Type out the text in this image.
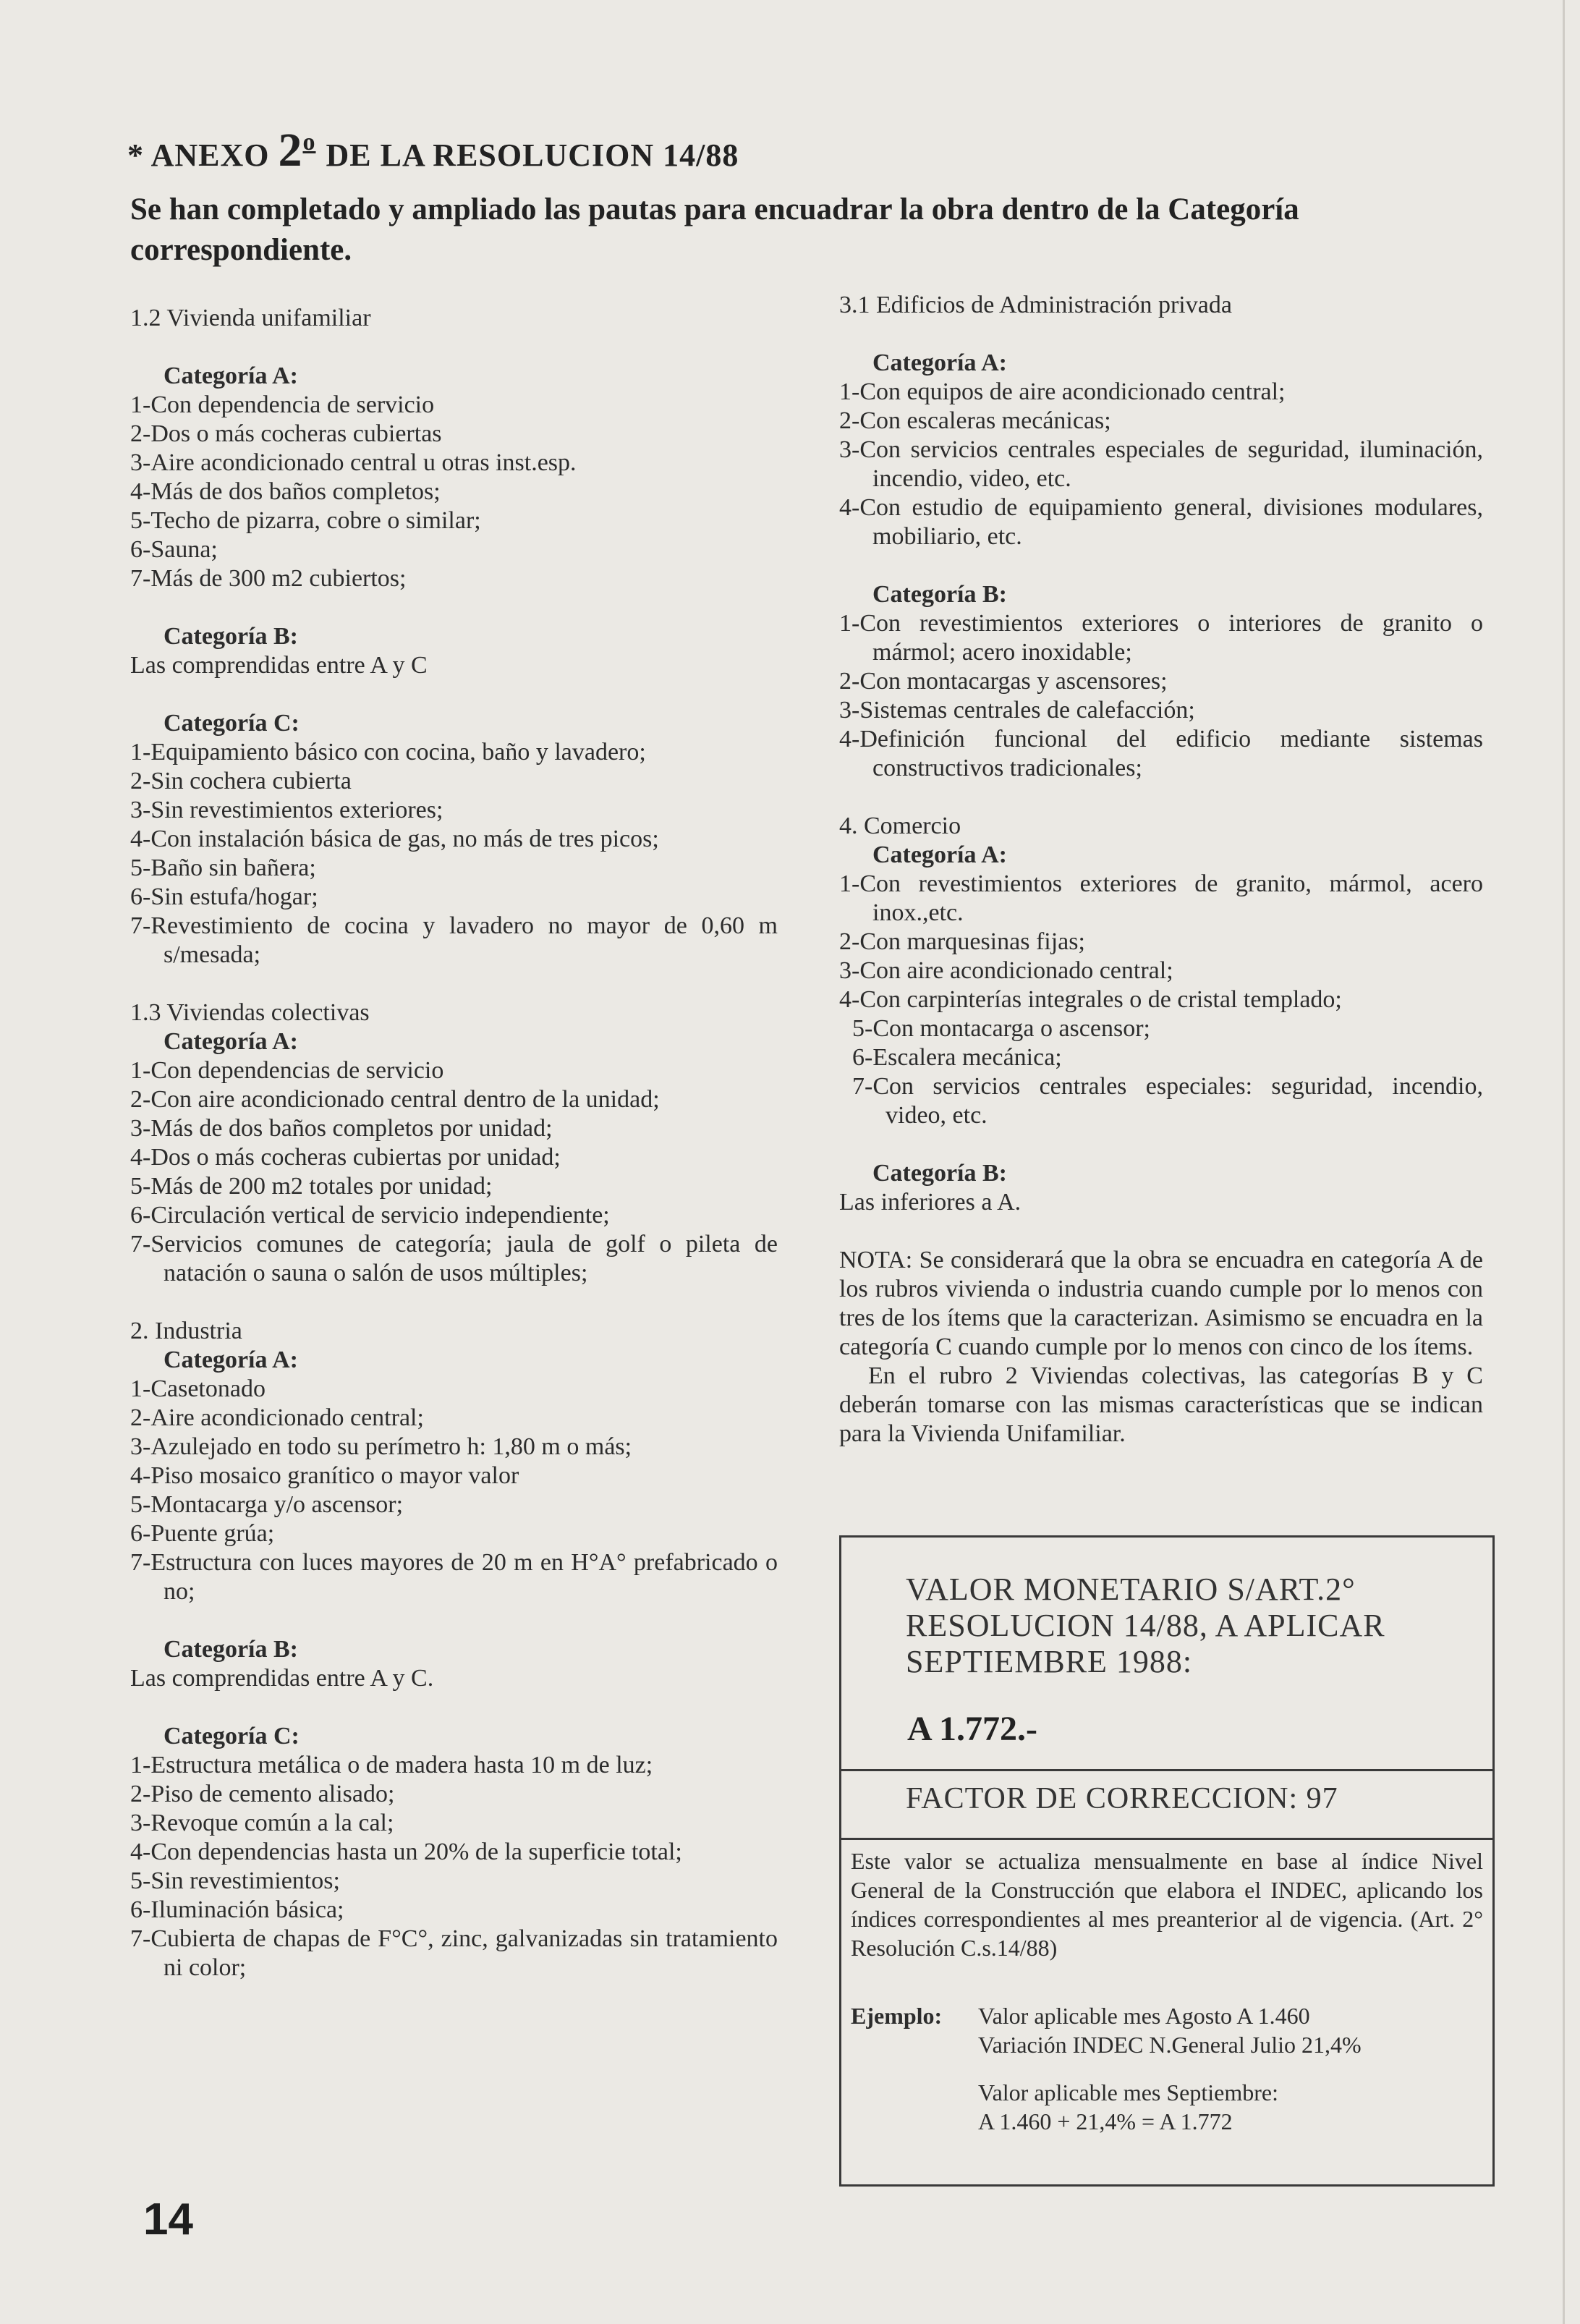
* ANEXO 2$^o$ DE LA RESOLUCION 14/88
Se han completado y ampliado las pautas para encuadrar la obra dentro de la Categoría correspondiente.

1.2 Vivienda unifamiliar

Categoría A:

1-Con dependencia de servicio

2-Dos o más cocheras cubiertas

3-Aire acondicionado central u otras inst.esp.

4-Más de dos baños completos;

5-Techo de pizarra, cobre o similar;

6-Sauna;

7-Más de 300 m2 cubiertos;

Categoría B:

Las comprendidas entre A y C

Categoría C:

1-Equipamiento básico con cocina, baño y lavadero;

2-Sin cochera cubierta

3-Sin revestimientos exteriores;

4-Con instalación básica de gas, no más de tres picos;

5-Baño sin bañera;

6-Sin estufa/hogar;

7-Revestimiento de cocina y lavadero no mayor de 0,60 m s/mesada;

1.3 Viviendas colectivas

Categoría A:

1-Con dependencias de servicio

2-Con aire acondicionado central dentro de la unidad;

3-Más de dos baños completos por unidad;

4-Dos o más cocheras cubiertas por unidad;

5-Más de 200 m2 totales por unidad;

6-Circulación vertical de servicio independiente;

7-Servicios comunes de categoría; jaula de golf o pileta de natación o sauna o salón de usos múltiples;

2. Industria

Categoría A:

1-Casetonado

2-Aire acondicionado central;

3-Azulejado en todo su perímetro h: 1,80 m o más;

4-Piso mosaico granítico o mayor valor

5-Montacarga y/o ascensor;

6-Puente grúa;

7-Estructura con luces mayores de 20 m en H°A° prefabricado o no;

Categoría B:

Las comprendidas entre A y C.

Categoría C:

1-Estructura metálica o de madera hasta 10 m de luz;

2-Piso de cemento alisado;

3-Revoque común a la cal;

4-Con dependencias hasta un 20% de la superficie total;

5-Sin revestimientos;

6-Iluminación básica;

7-Cubierta de chapas de F°C°, zinc, galvanizadas sin tratamiento ni color;

3.1 Edificios de Administración privada

Categoría A:

1-Con equipos de aire acondicionado central;

2-Con escaleras mecánicas;

3-Con servicios centrales especiales de seguridad, iluminación, incendio, video, etc.

4-Con estudio de equipamiento general, divisiones modulares, mobiliario, etc.

Categoría B:

1-Con revestimientos exteriores o interiores de granito o mármol; acero inoxidable;

2-Con montacargas y ascensores;

3-Sistemas centrales de calefacción;

4-Definición funcional del edificio mediante sistemas constructivos tradicionales;

4. Comercio

Categoría A:

1-Con revestimientos exteriores de granito, mármol, acero inox.,etc.

2-Con marquesinas fijas;

3-Con aire acondicionado central;

4-Con carpinterías integrales o de cristal templado;

5-Con montacarga o ascensor;

6-Escalera mecánica;

7-Con servicios centrales especiales: seguridad, incendio, video, etc.

Categoría B:

Las inferiores a A.

NOTA: Se considerará que la obra se encuadra en categoría A de los rubros vivienda o industria cuando cumple por lo menos con tres de los ítems que la caracterizan. Asimismo se encuadra en la categoría C cuando cumple por lo menos con cinco de los ítems.

En el rubro 2 Viviendas colectivas, las categorías B y C deberán tomarse con las mismas características que se indican para la Vivienda Unifamiliar.

VALOR MONETARIO S/ART.2°
RESOLUCION 14/88, A APLICAR
SEPTIEMBRE 1988:
A 1.772.-
FACTOR DE CORRECCION: 97
Este valor se actualiza mensualmente en base al índice Nivel General de la Construcción que elabora el INDEC, aplicando los índices correspondientes al mes preanterior al de vigencia. (Art. 2° Resolución C.s.14/88)
Ejemplo: Valor aplicable mes Agosto A 1.460
Variación INDEC N.General Julio 21,4%
Valor aplicable mes Septiembre:
A 1.460 + 21,4% = A 1.772
14
